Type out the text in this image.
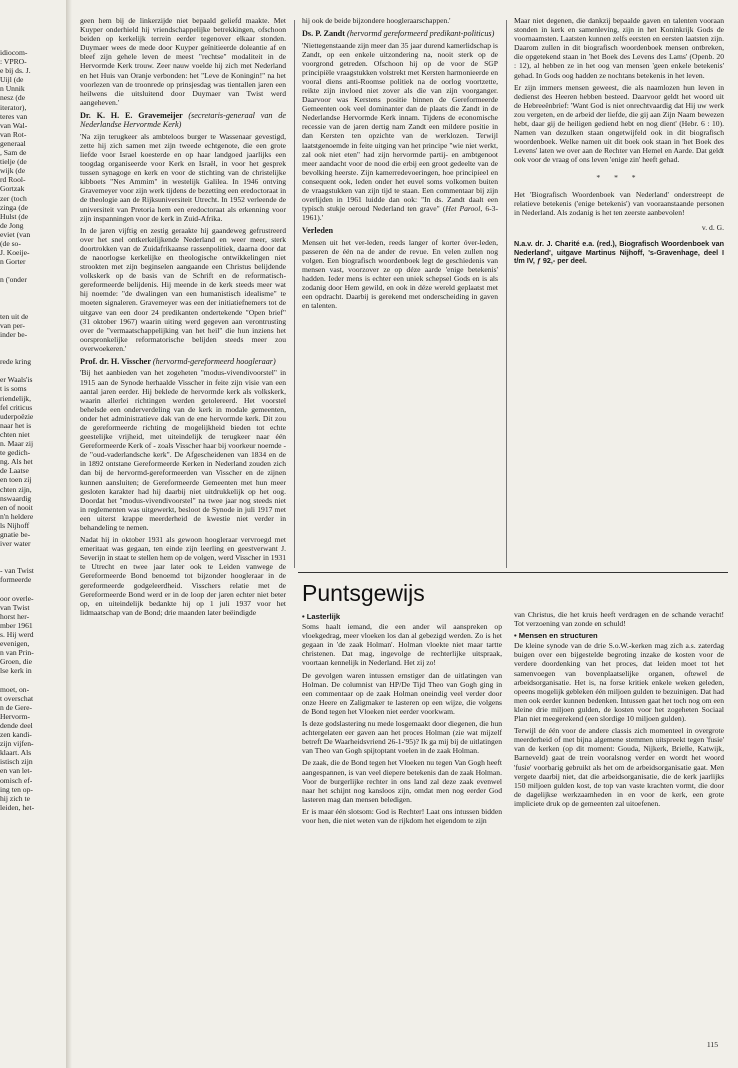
idiocom-
: VPRO-
e bij ds. J.
Uijl (de
n Unnik
nesz (de
iterator),
teres van
van Wal-
van Rot-
generaal
, Sam de
tielje (de
wijk (de
rd Rool-
Gortzak
zer (toch
zinga (de
Hulst (de
de Jong
eviet (van
(de so-
J. Koeije-
n Gorter
n ('onder
ten uit de
van per-
inder be-
rede kring
er Waals'is
t is soms
riendelijk,
fel criticus
uderpoëzie
naar het is
chten niet
n. Maar zij
te gedich-
ng. Als het
de Laatse
en toen zij
chten zijn,
nswaardig
en of nooit
n'n heldere
ls Nijhoff
gnatie be-
iver water
- van Twist
formeerde
oor overle-
van Twist
horst her-
mber 1961
s. Hij werd
evenigen,
n van Prin-
Groen, die
lse kerk in
moet, on-
t overschat
n de Gere-
Hervorm-
dende deel
zen kandi-
zijn vijfen-
klaart. Als
istisch zijn
en van let-
omisch ef-
ing ten op-
hij zich te
leiden, het-

geen hem bij de linkerzijde niet bepaald geliefd maakte. Met Kuyper onderhield hij vriendschappelijke betrekkingen, ofschoon beiden op kerkelijk terrein eerder tegenover elkaar stonden. Duymaer wees de mede door Kuyper geïnitieerde doleantie af en bleef zijn gehele leven de meest "rechtse" modaliteit in de Hervormde Kerk trouw. Zeer nauw voelde hij zich met Nederland en het Huis van Oranje verbonden: het "Leve de Koningin!" na het voorlezen van de troonrede op prinsjesdag was tientallen jaren een heilwens die uitsluitend door Duymaer van Twist werd aangeheven.'

Dr. K. H. E. Gravemeijer (secretaris-generaal van de Nederlandse Hervormde Kerk)

'Na zijn terugkeer als ambteloos burger te Wassenaar gevestigd, zette hij zich samen met zijn tweede echtgenote, die een grote liefde voor Israel koesterde en op haar landgoed jaarlijks een toogdag organiseerde voor Kerk en Israël, in voor het gesprek tussen synagoge en kerk en voor de stichting van de christelijke kibboets "Nes Ammim" in westelijk Galilea. In 1946 ontving Gravemeyer voor zijn werk tijdens de bezetting een eredoctoraat in de theologie aan de Rijksuniversiteit Utrecht. In 1952 verleende de universiteit van Pretoria hem een eredoctoraat als erkenning voor zijn inspanningen voor de kerk in Zuid-Afrika.

In de jaren vijftig en zestig geraakte hij gaandeweg gefrustreerd over het snel ontkerkelijkende Nederland en weer meer, sterk doortrokken van de Zuidafrikaanse rassenpolitiek, daarna door dat de naoorlogse kerkelijke en theologische ontwikkelingen niet strookten met zijn beginselen aangaande een Christus belijdende volkskerk op de basis van de Schrift en de reformatisch-gereformeerde belijdenis. Hij meende in de kerk steeds meer wat hij noemde: "de dwalingen van een humanistisch idealisme" te moeten signaleren. Gravemeyer was een der initiatiefnemers tot de uitgave van een door 24 predikanten ondertekende "Open brief" (31 oktober 1967) waarin uiting werd gegeven aan verontrusting over de "vermaatschappelijking van het heil" die hun inziens het oorspronkelijke reformatorische belijden steeds meer zou overwoekeren.'

Prof. dr. H. Visscher (hervormd-gereformeerd hoogleraar)

'Bij het aanbieden van het zogeheten "modus-vivendivoorstel" in 1915 aan de Synode herhaalde Visscher in feite zijn visie van een aantal jaren eerder. Hij beklede de hervormde kerk als volkskerk, waarin allerlei richtingen werden getolereerd. Het voorstel behelsde een onderverdeling van de kerk in modale gemeenten, onder het administratieve dak van de ene hervormde kerk. Dit zou de gereformeerde richting de mogelijkheid bieden tot echte geestelijke vrijheid, met uiteindelijk de terugkeer naar één Gereformeerde Kerk of - zoals Visscher haar bij voorkeur noemde - de "oud-vaderlandsche kerk". De Afgescheidenen van 1834 en de in 1892 ontstane Gereformeerde Kerken in Nederland zouden zich dan bij de hervormd-gereformeerden van Visscher en de zijnen kunnen aansluiten; de Gereformeerde Gemeenten met hun meer gesloten karakter had hij daarbij niet uitdrukkelijk op het oog. Doordat het "modus-vivendivoorstel" na twee jaar nog steeds niet in reglementen was uitgewerkt, besloot de Synode in juli 1917 met een uiterst krappe meerderheid de kwestie niet verder in behandeling te nemen.

Nadat hij in oktober 1931 als gewoon hoogleraar vervroegd met emeritaat was gegaan, ten einde zijn leerling en geestverwant J. Severijn in staat te stellen hem op de volgen, werd Visscher in 1931 te Utrecht en twee jaar later ook te Leiden vanwege de Gereformeerde Bond benoemd tot bijzonder hoogleraar in de gereformeerde godgeleerdheid. Visschers relatie met de Gereformeerde Bond werd er in de loop der jaren echter niet beter op, en uiteindelijk bedankte hij op 1 juli 1937 voor het lidmaatschap van de Bond; drie maanden later beëindigde

hij ook de beide bijzondere hoogleraarschappen.'

Ds. P. Zandt (hervormd gereformeerd predikant-politicus)

'Niettegenstaande zijn meer dan 35 jaar durend kamerlidschap is Zandt, op een enkele uitzondering na, nooit sterk op de voorgrond getreden. Ofschoon hij op de voor de SGP principiële vraagstukken volstrekt met Kersten harmonieerde en vooral diens anti-Roomse politiek na de oorlog voortzette, reikte zijn invloed niet zover als die van zijn voorganger. Daarvoor was Kerstens positie binnen de Gereformeerde Gemeenten ook veel dominanter dan de plaats die Zandt in de Nederlandse Hervormde Kerk innam. Tijdens de economische recessie van de jaren dertig nam Zandt een mildere positie in dan Kersten ten opzichte van de werklozen. Terwijl laatstgenoemde in feite uitging van het principe "wie niet werkt, zal ook niet eten" had zijn hervormde partij- en ambtgenoot meer aandacht voor de nood die erbij een groot gedeelte van de bevolking heerste. Zijn kamerredevoeringen, hoe principieel en consequent ook, leden onder het euvel soms volkomen buiten de vraagstukken van zijn tijd te staan. Een commentaar bij zijn overlijden in 1961 luidde dan ook: "In ds. Zandt daalt een typisch stukje oeroud Nederland ten grave" (Het Parool, 6-3-1961).'

Verleden

Mensen uit het ver-leden, reeds langer of korter óver-leden, passeren de één na de ander de revue. En velen zullen nog volgen. Een biografisch woordenboek legt de geschiedenis van mensen vast, voorzover ze op déze aarde 'enige betekenis' hadden. Ieder mens is echter een uniek schepsel Gods en is als zodanig door Hem gewild, en ook in déze wereld geplaatst met een opdracht. Daarbij is gerekend met onderscheiding in gaven en talenten.

Maar niet degenen, die dankzij bepaalde gaven en talenten vooraan stonden in kerk en samenleving, zijn in het Koninkrijk Gods de voornaamsten. Laatsten kunnen zelfs eersten en eersten laatsten zijn. Daarom zullen in dit biografisch woordenboek mensen ontbreken, die opgetekend staan in 'het Boek des Levens des Lams' (Openb. 20 : 12), al hebben ze in het oog van mensen 'geen enkele betekenis' gehad. In Gods oog hadden ze nochtans betekenis in het leven.

Er zijn immers mensen geweest, die als naamlozen hun leven in dedienst des Heeren hebben besteed. Daarvoor geldt het woord uit de Hebreeënbrief: 'Want God is niet onrechtvaardig dat Hij uw werk zou vergeten, en de arbeid der liefde, die gij aan Zijn Naam bewezen hebt, daar gij de heiligen gediend hebt en nog dient' (Hebr. 6 : 10). Namen van dezulken staan ongetwijfeld ook in dit biografisch woordenboek. Welke namen uit dit boek ook staan in 'het Boek des Levens' laten we over aan de Rechter van Hemel en Aarde. Dat geldt ook voor de vraag of ons leven 'enige zin' heeft gehad.

* * *

Het 'Biografisch Woordenboek van Nederland' onderstreept de relatieve betekenis ('enige betekenis') van vooraanstaande personen in Nederland. Als zodanig is het ten zeerste aanbevolen!

v. d. G.
N.a.v. dr. J. Charité e.a. (red.), Biografisch Woordenboek van Nederland', uitgave Martinus Nijhoff, 's-Gravenhage, deel I t/m IV, ƒ 92,- per deel.
Puntsgewijs
• Lasterlijk

Soms haalt iemand, die een ander wil aanspreken op vloekgedrag, meer vloeken los dan al gebezigd werden. Zo is het gegaan in 'de zaak Holman'. Holman vloekte niet maar tartte christenen. Dat mag, ingevolge de rechterlijke uitspraak, voortaan kennelijk in Nederland. Het zij zo!

De gevolgen waren intussen ernstiger dan de uitlatingen van Holman. De columnist van HP/De Tijd Theo van Gogh ging in een commentaar op de zaak Holman oneindig veel verder door onze Heere en Zaligmaker te lasteren op een wijze, die volgens de Bond tegen het Vloeken niet eerder voorkwam.

Is deze godslastering nu mede losgemaakt door diegenen, die hun achtergelaten eer gaven aan het proces Holman (zie wat mijzelf betreft De Waarheidsvriend 26-1-'95)? Ik ga mij bij de uitlatingen van Theo van Gogh spijtoptant voelen in de zaak Holman.

De zaak, die de Bond tegen het Vloeken nu tegen Van Gogh heeft aangespannen, is van veel diepere betekenis dan de zaak Holman. Voor de burgerlijke rechter in ons land zal deze zaak evenwel naar het schijnt nog kansloos zijn, omdat men nog eerder God lasteren mag dan mensen beledigen.

Er is maar één slotsom: God is Rechter! Laat ons intussen bidden voor hen, die niet weten van de rijkdom het eigendom te zijn

van Christus, die het kruis heeft verdragen en de schande veracht! Tot verzoening van zonde en schuld!

• Mensen en structuren

De kleine synode van de drie S.o.W.-kerken mag zich a.s. zaterdag buigen over een bijgestelde begroting inzake de kosten voor de verdere doordenking van het proces, dat leiden moet tot het samenvoegen van bovenplaatselijke organen, oftewel de arbeidsorganisatie. Het is, na forse kritiek enkele weken geleden, opeens mogelijk gebleken één miljoen gulden te bezuinigen. Dat had men ook eerder kunnen bedenken. Intussen gaat het toch nog om een kleine drie miljoen gulden, de kosten voor het zogeheten Sociaal Plan niet meegerekend (een slordige 10 miljoen gulden).

Terwijl de één voor de andere classis zich momenteel in overgrote meerderheid of met bijna algemene stemmen uitspreekt tegen 'fusie' van de kerken (op dit moment: Gouda, Nijkerk, Brielle, Katwijk, Barneveld) gaat de trein vooralsnog verder en wordt het woord 'fusie' voorbarig gebruikt als het om de arbeidsorganisatie gaat. Men vergete daarbij niet, dat die arbeidsorganisatie, die de kerk jaarlijks 150 miljoen gulden kost, de top van vaste krachten vormt, die door de dagelijkse werkzaamheden in en voor de kerk, een grote impliciete druk op de gemeenten zal uitoefenen.

115
